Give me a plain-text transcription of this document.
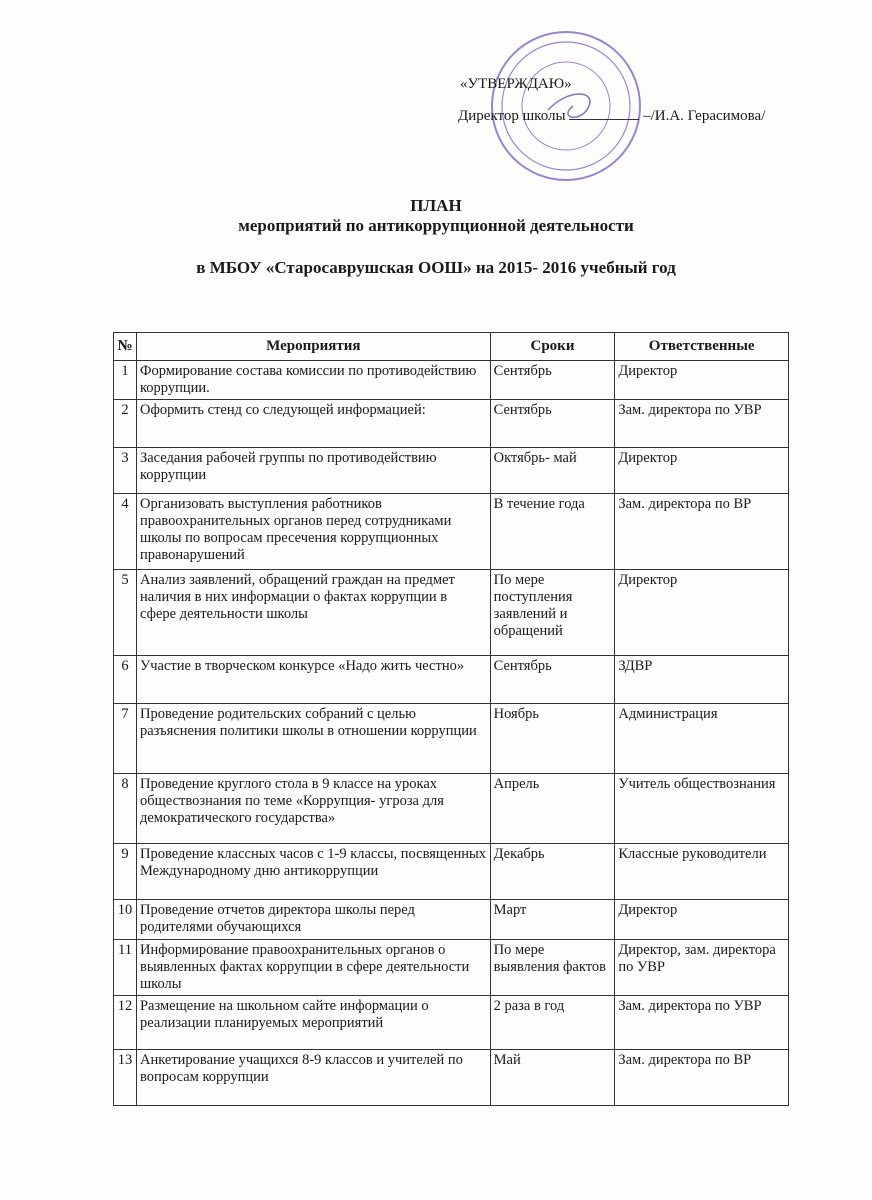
«УТВЕРЖДАЮ»
Директор школы	–/И.А. Герасимова/
ПЛАН
мероприятий по антикоррупционной деятельности
в МБОУ «Старосаврушская ООШ» на 2015- 2016 учебный год
№	Мероприятия	Сроки	Ответственные
1	Формирование состава комиссии по противодействию коррупции.	Сентябрь	Директор
2	Оформить стенд со следующей информацией:	Сентябрь	Зам. директора по УВР
3	Заседания рабочей группы по противодействию коррупции	Октябрь- май	Директор
4	Организовать выступления работников правоохранительных органов перед сотрудниками школы по вопросам пресечения коррупционных правонарушений	В течение года	Зам. директора по ВР
5	Анализ заявлений, обращений граждан на предмет наличия в них информации о фактах коррупции в сфере деятельности школы	По мере поступления заявлений и обращений	Директор
6	Участие в творческом конкурсе «Надо жить честно»	Сентябрь	ЗДВР
7	Проведение родительских собраний с целью разъяснения политики школы в отношении коррупции	Ноябрь	Администрация
8	Проведение круглого стола в 9 классе на уроках обществознания по теме «Коррупция- угроза для демократического государства»	Апрель	Учитель обществознания
9	Проведение классных часов с 1-9 классы, посвященных Международному дню антикоррупции	Декабрь	Классные руководители
10	Проведение отчетов директора школы перед родителями обучающихся	Март	Директор
11	Информирование правоохранительных органов о выявленных фактах коррупции в сфере деятельности школы	По мере выявления фактов	Директор, зам. директора по УВР
12	Размещение на школьном сайте информации о реализации планируемых мероприятий	2 раза в год	Зам. директора по УВР
13	Анкетирование учащихся 8-9 классов и учителей по вопросам коррупции	Май	Зам. директора по ВР
